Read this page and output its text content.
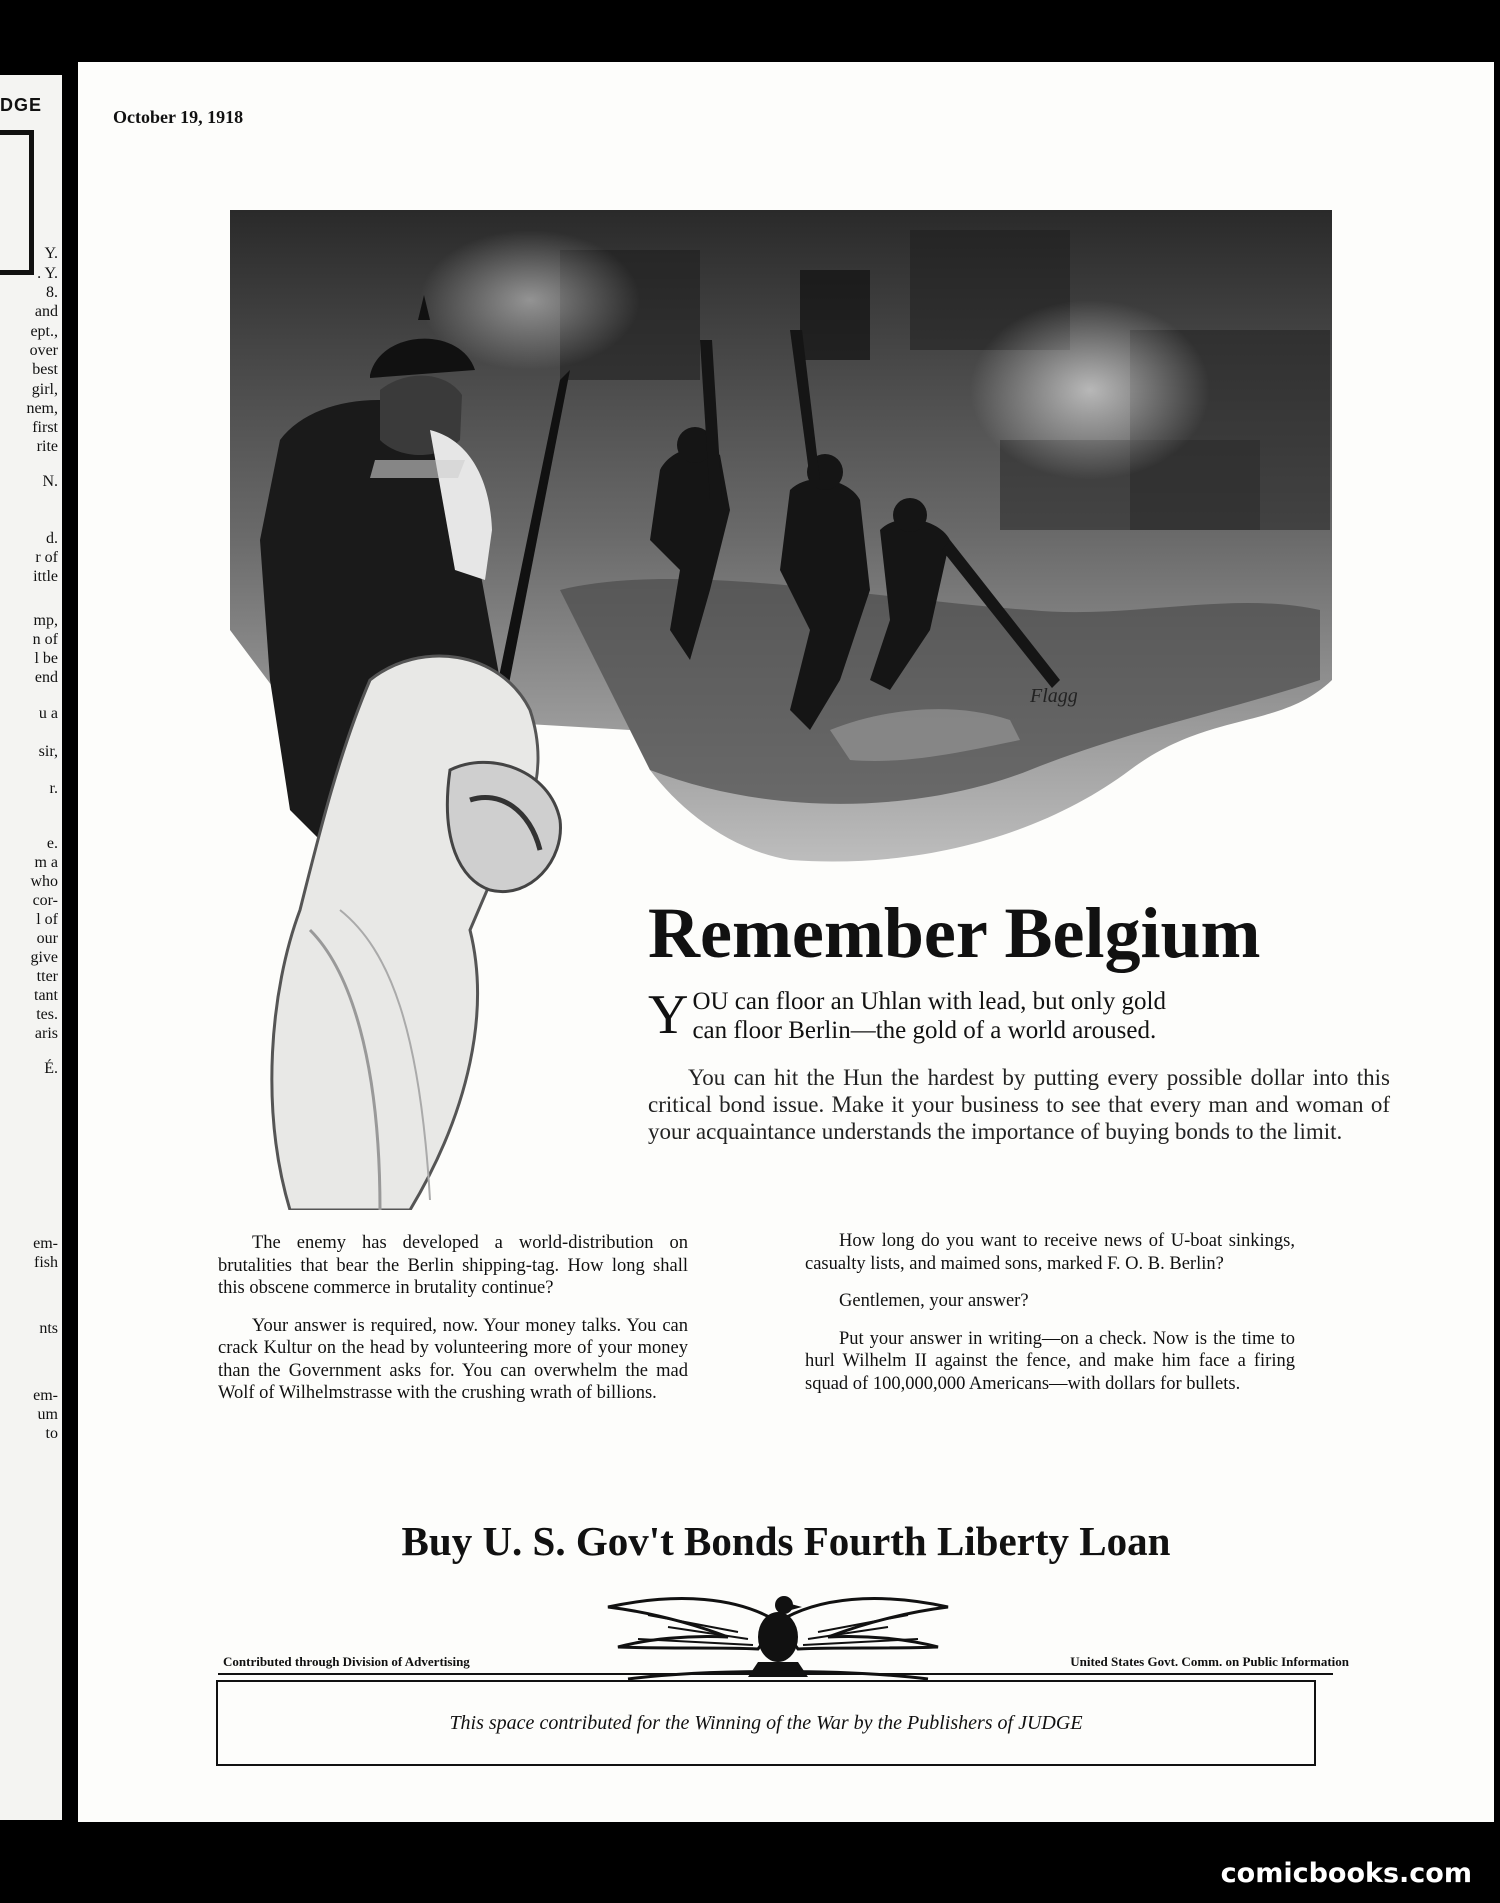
DGE
Y.
. Y.
8.
and
ept.,
over
best
girl,
nem,
first
rite
N.
d.
r of
ittle
mp,
n of
l be
end
u a
sir,
r.
e.
m a
who
cor-
l of
our
give
tter
tant
tes.
aris
É.
em-
fish
nts
em-
um
to
October 19, 1918
Flagg
Remember Belgium
Y OU can floor an Uhlan with lead, but only gold
can floor Berlin—the gold of a world aroused.
You can hit the Hun the hardest by putting every possible dollar into this critical bond issue. Make it your business to see that every man and woman of your acquaintance understands the importance of buying bonds to the limit.

The enemy has developed a world-distribution on brutalities that bear the Berlin shipping-tag. How long shall this obscene commerce in brutality continue?

Your answer is required, now. Your money talks. You can crack Kultur on the head by volunteering more of your money than the Government asks for. You can overwhelm the mad Wolf of Wilhelmstrasse with the crushing wrath of billions.

How long do you want to receive news of U-boat sinkings, casualty lists, and maimed sons, marked F. O. B. Berlin?

Gentlemen, your answer?

Put your answer in writing—on a check. Now is the time to hurl Wilhelm II against the fence, and make him face a firing squad of 100,000,000 Americans—with dollars for bullets.

Buy U. S. Gov't Bonds Fourth Liberty Loan
Contributed through Division of Advertising	United States Govt. Comm. on Public Information
This space contributed for the Winning of the War by the Publishers of JUDGE
comicbooks.com
